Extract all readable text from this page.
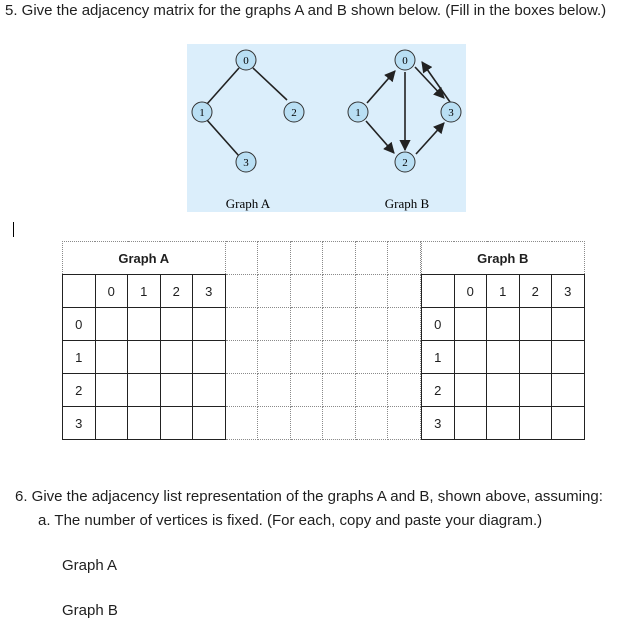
5. Give the adjacency matrix for the graphs A and B shown below. (Fill in the boxes below.)
0
1	2
3
0
1
2
3
Graph A	Graph B
Graph A										
	0	1	2	3						
0										
1										
2										
3										
Graph B				
	0	1	2	3
0				
1				
2				
3				
6. Give the adjacency list representation of the graphs A and B, shown above, assuming:
a. The number of vertices is fixed. (For each, copy and paste your diagram.)
Graph A
Graph B
